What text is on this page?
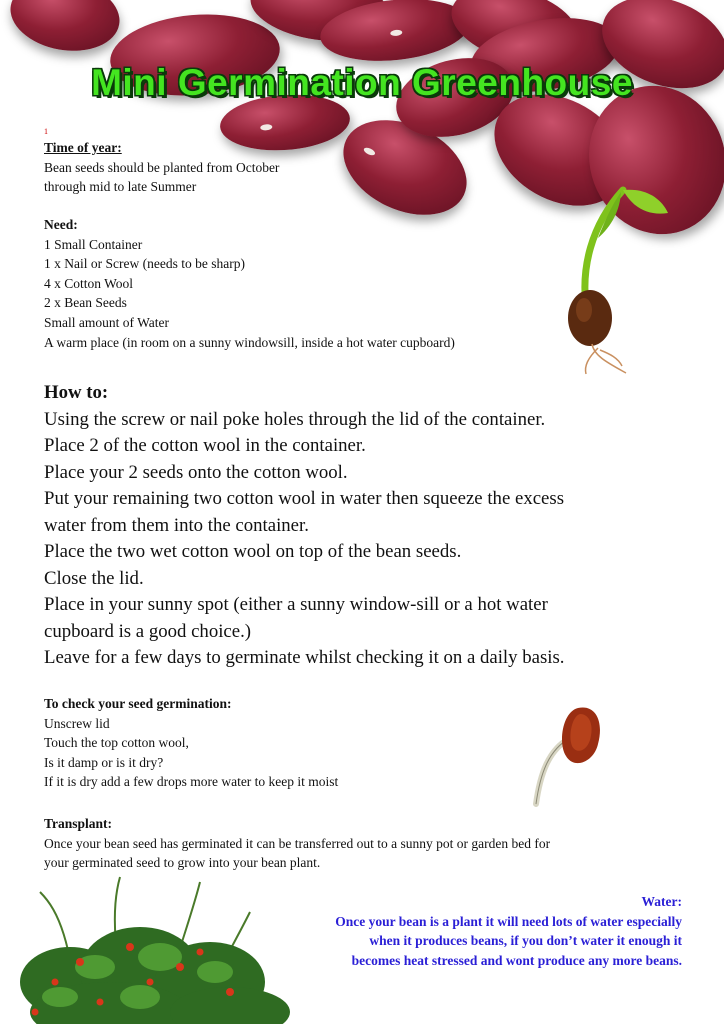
Mini Germination Greenhouse
1
Time of year:
Bean seeds should be planted from October
through mid to late Summer
Need:
1 Small Container
1 x Nail or Screw (needs to be sharp)
4 x Cotton Wool
2 x Bean Seeds
Small amount of Water
A warm place (in room on a sunny windowsill, inside a hot water cupboard)
How to:
Using the screw or nail poke holes through the lid of the container.
Place 2 of the cotton wool in the container.
Place your 2 seeds onto the cotton wool.
Put your remaining two cotton wool in water then squeeze the excess
water from them into the container.
Place the two wet cotton wool on top of the bean seeds.
Close the lid.
Place in your sunny spot (either a sunny window-sill or a hot water
cupboard is a good choice.)
Leave for a few days to germinate whilst checking it on a daily basis.
To check your seed germination:
Unscrew lid
Touch the top cotton wool,
Is it damp or is it dry?
If it is dry add a few drops more water to keep it moist
Transplant:
Once your bean seed has germinated it can be transferred out to a sunny pot or garden bed for
your germinated seed to grow into your bean plant.
Water:
Once your bean is a plant it will need lots of water especially
when it produces beans, if you don’t water it enough it
becomes heat stressed and wont produce any more beans.
